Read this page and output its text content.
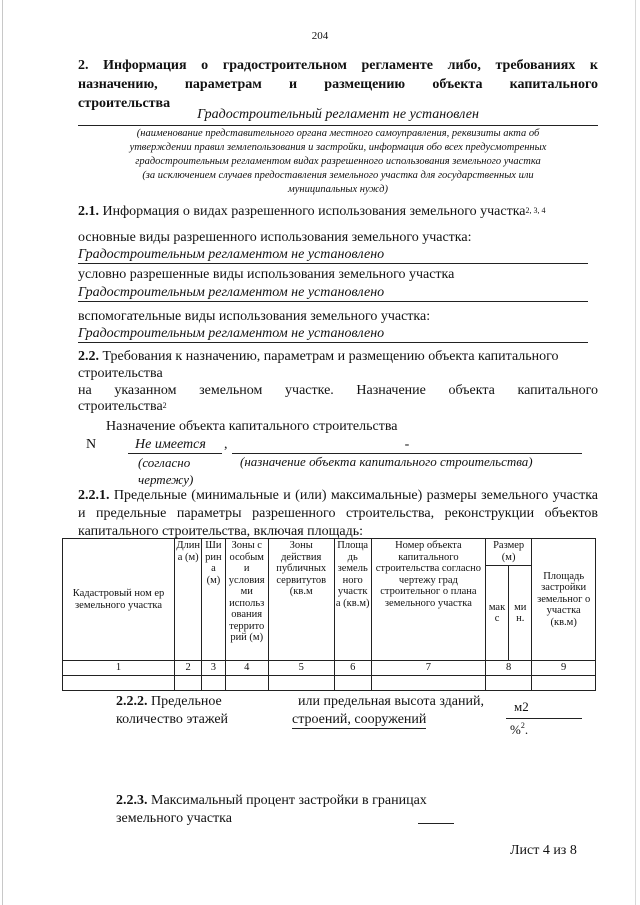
204
2. Информация о градостроительном регламенте либо, требованиях к
назначению, параметрам и размещению объекта капитального
строительства
Градостроительный регламент не установлен
(наименование представительного органа местного самоуправления, реквизиты акта об
утверждении правил землепользования и застройки, информация обо всех предусмотренных
градостроительным регламентом видах разрешенного использования земельного участка
(за исключением случаев предоставления земельного участка для государственных или
муниципальных нужд)
2.1. Информация о видах разрешенного использования земельного участка$^{2, 3, 4}$
основные виды разрешенного использования земельного участка:
Градостроительным регламентом не установлено
условно разрешенные виды использования земельного участка
Градостроительным регламентом не установлено
вспомогательные виды использования земельного участка:
Градостроительным регламентом не установлено
2.2. Требования к назначению, параметрам и размещению объекта капитального
строительства
на указанном земельном участке. Назначение объекта капитального
строительства$^2$
Назначение объекта капитального строительства
N	Не имеется	,	-
(согласно чертежу)
(назначение объекта капитального строительства)
2.2.1. Предельные (минимальные и (или) максимальные) размеры земельного участка и предельные параметры разрешенного строительства, реконструкции объектов капитального строительства, включая площадь:
Кадастровый ном ер земельного участка	Длин а (м)	Ши рин а (м)	Зоны с особым и условия ми использ ования террито рий (м)	Зоны действия публичных сервитутов (кв.м	Площа дь земель ного участк а (кв.м)	Номер объекта капитального строительства согласно чертежу град строительног о плана земельного участка	Размер (м)		Площадь застройки земельног о участка (кв.м)
							мак с	ми н.	
1	2	3	4	5	6	7	8		9

2.2.2. Предельное
количество этажей
или предельная высота зданий,
строений, сооружений
м2
%$^2$.
2.2.3. Максимальный процент застройки в границах
земельного участка
Лист 4 из 8
